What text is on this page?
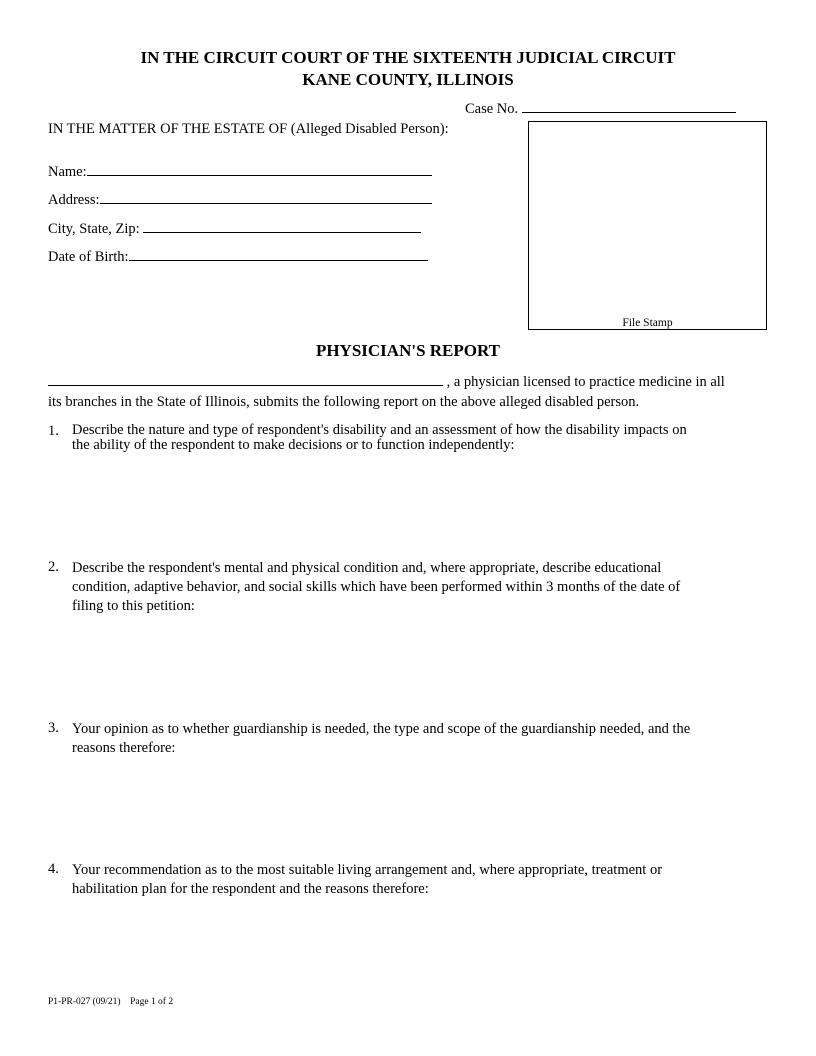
IN THE CIRCUIT COURT OF THE SIXTEENTH JUDICIAL CIRCUIT
KANE COUNTY, ILLINOIS
Case No.
IN THE MATTER OF THE ESTATE OF (Alleged Disabled Person):
Name:
Address:
City, State, Zip:
Date of Birth:
File Stamp
PHYSICIAN'S REPORT
, a physician licensed to practice medicine in all
its branches in the State of Illinois, submits the following report on the above alleged disabled person.
1. Describe the nature and type of respondent's disability and an assessment of how the disability impacts on
the ability of the respondent to make decisions or to function independently:
2. Describe the respondent's mental and physical condition and, where appropriate, describe educational
condition, adaptive behavior, and social skills which have been performed within 3 months of the date of
filing to this petition:
3. Your opinion as to whether guardianship is needed, the type and scope of the guardianship needed, and the
reasons therefore:
4. Your recommendation as to the most suitable living arrangement and, where appropriate, treatment or
habilitation plan for the respondent and the reasons therefore:
P1-PR-027 (09/21) Page 1 of 2
